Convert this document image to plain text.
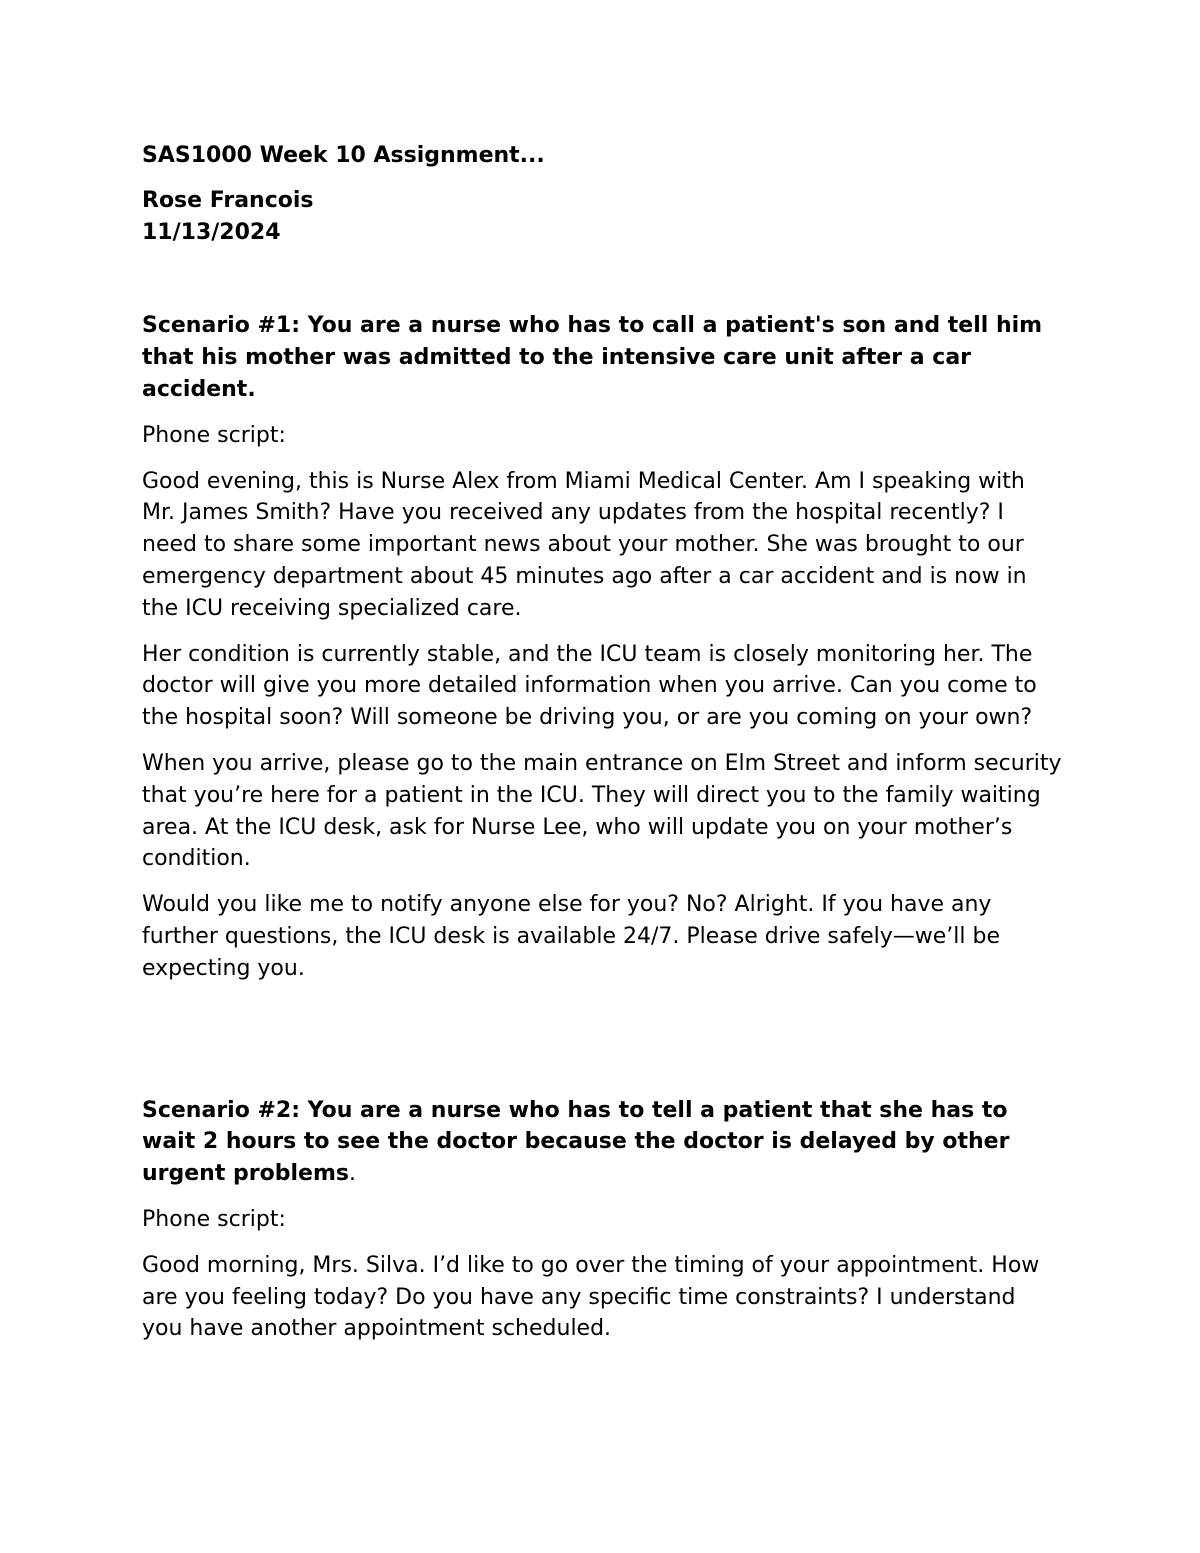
SAS1000 Week 10 Assignment...

Rose Francois
11/13/2024

Scenario #1: You are a nurse who has to call a patient's son and tell him that his mother was admitted to the intensive care unit after a car accident.

Phone script:

Good evening, this is Nurse Alex from Miami Medical Center. Am I speaking with Mr. James Smith? Have you received any updates from the hospital recently? I need to share some important news about your mother. She was brought to our emergency department about 45 minutes ago after a car accident and is now in the ICU receiving specialized care.

Her condition is currently stable, and the ICU team is closely monitoring her. The doctor will give you more detailed information when you arrive. Can you come to the hospital soon? Will someone be driving you, or are you coming on your own?

When you arrive, please go to the main entrance on Elm Street and inform security that you’re here for a patient in the ICU. They will direct you to the family waiting area. At the ICU desk, ask for Nurse Lee, who will update you on your mother’s condition.

Would you like me to notify anyone else for you? No? Alright. If you have any further questions, the ICU desk is available 24/7. Please drive safely—we’ll be expecting you.

Scenario #2: You are a nurse who has to tell a patient that she has to wait 2 hours to see the doctor because the doctor is delayed by other urgent problems.

Phone script:

Good morning, Mrs. Silva. I’d like to go over the timing of your appointment. How are you feeling today? Do you have any specific time constraints? I understand you have another appointment scheduled.
